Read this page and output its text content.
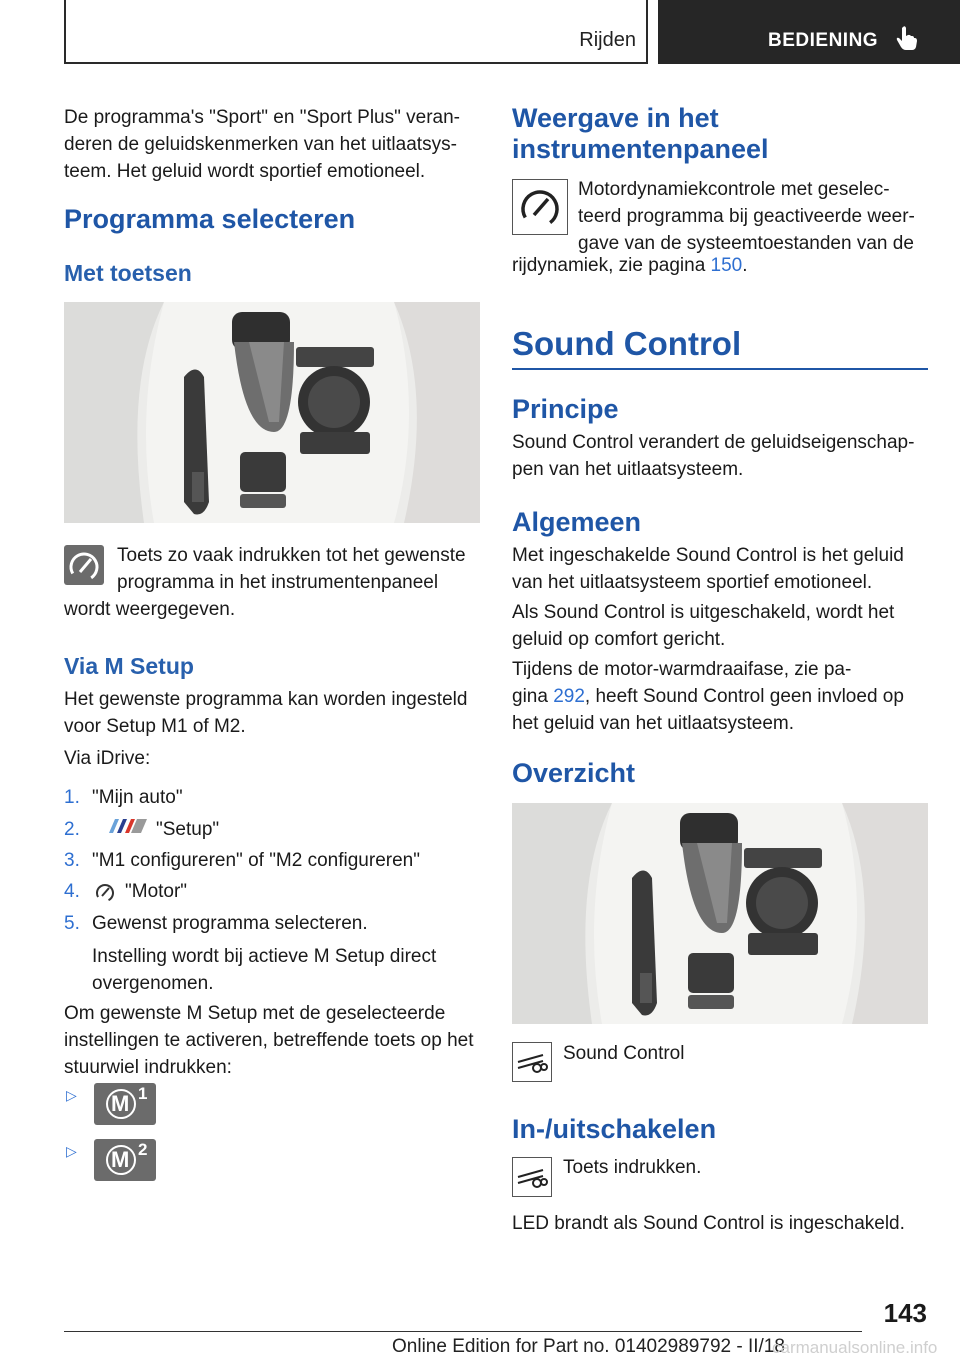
Rijden	BEDIENING
De programma's "Sport" en "Sport Plus" veran-
deren de geluidskenmerken van het uitlaatsys-
teem. Het geluid wordt sportief emotioneel.
Programma selecteren
Met toetsen
Toets zo vaak indrukken tot het gewenste
programma in het instrumentenpaneel
wordt weergegeven.
Via M Setup
Het gewenste programma kan worden ingesteld
voor Setup M1 of M2.
Via iDrive:
1. "Mijn auto"
2.	"Setup"
3. "M1 configureren" of "M2 configureren"
4.	"Motor"
5. Gewenst programma selecteren.
Instelling wordt bij actieve M Setup direct
overgenomen.
Om gewenste M Setup met de geselecteerde
instellingen te activeren, betreffende toets op het
stuurwiel indrukken:
▷ M 1
▷ M 2
Weergave in het
instrumentenpaneel
Motordynamiekcontrole met geselec-
teerd programma bij geactiveerde weer-
gave van de systeemtoestanden van de
rijdynamiek, zie pagina 150.
Sound Control
Principe
Sound Control verandert de geluidseigenschap-
pen van het uitlaatsysteem.
Algemeen
Met ingeschakelde Sound Control is het geluid
van het uitlaatsysteem sportief emotioneel.
Als Sound Control is uitgeschakeld, wordt het
geluid op comfort gericht.
Tijdens de motor-warmdraaifase, zie pa-
gina 292, heeft Sound Control geen invloed op
het geluid van het uitlaatsysteem.
Overzicht
Sound Control
In-/uitschakelen
Toets indrukken.
LED brandt als Sound Control is ingeschakeld.
143
Online Edition for Part no. 01402989792 - II/18
carmanualsonline.info
